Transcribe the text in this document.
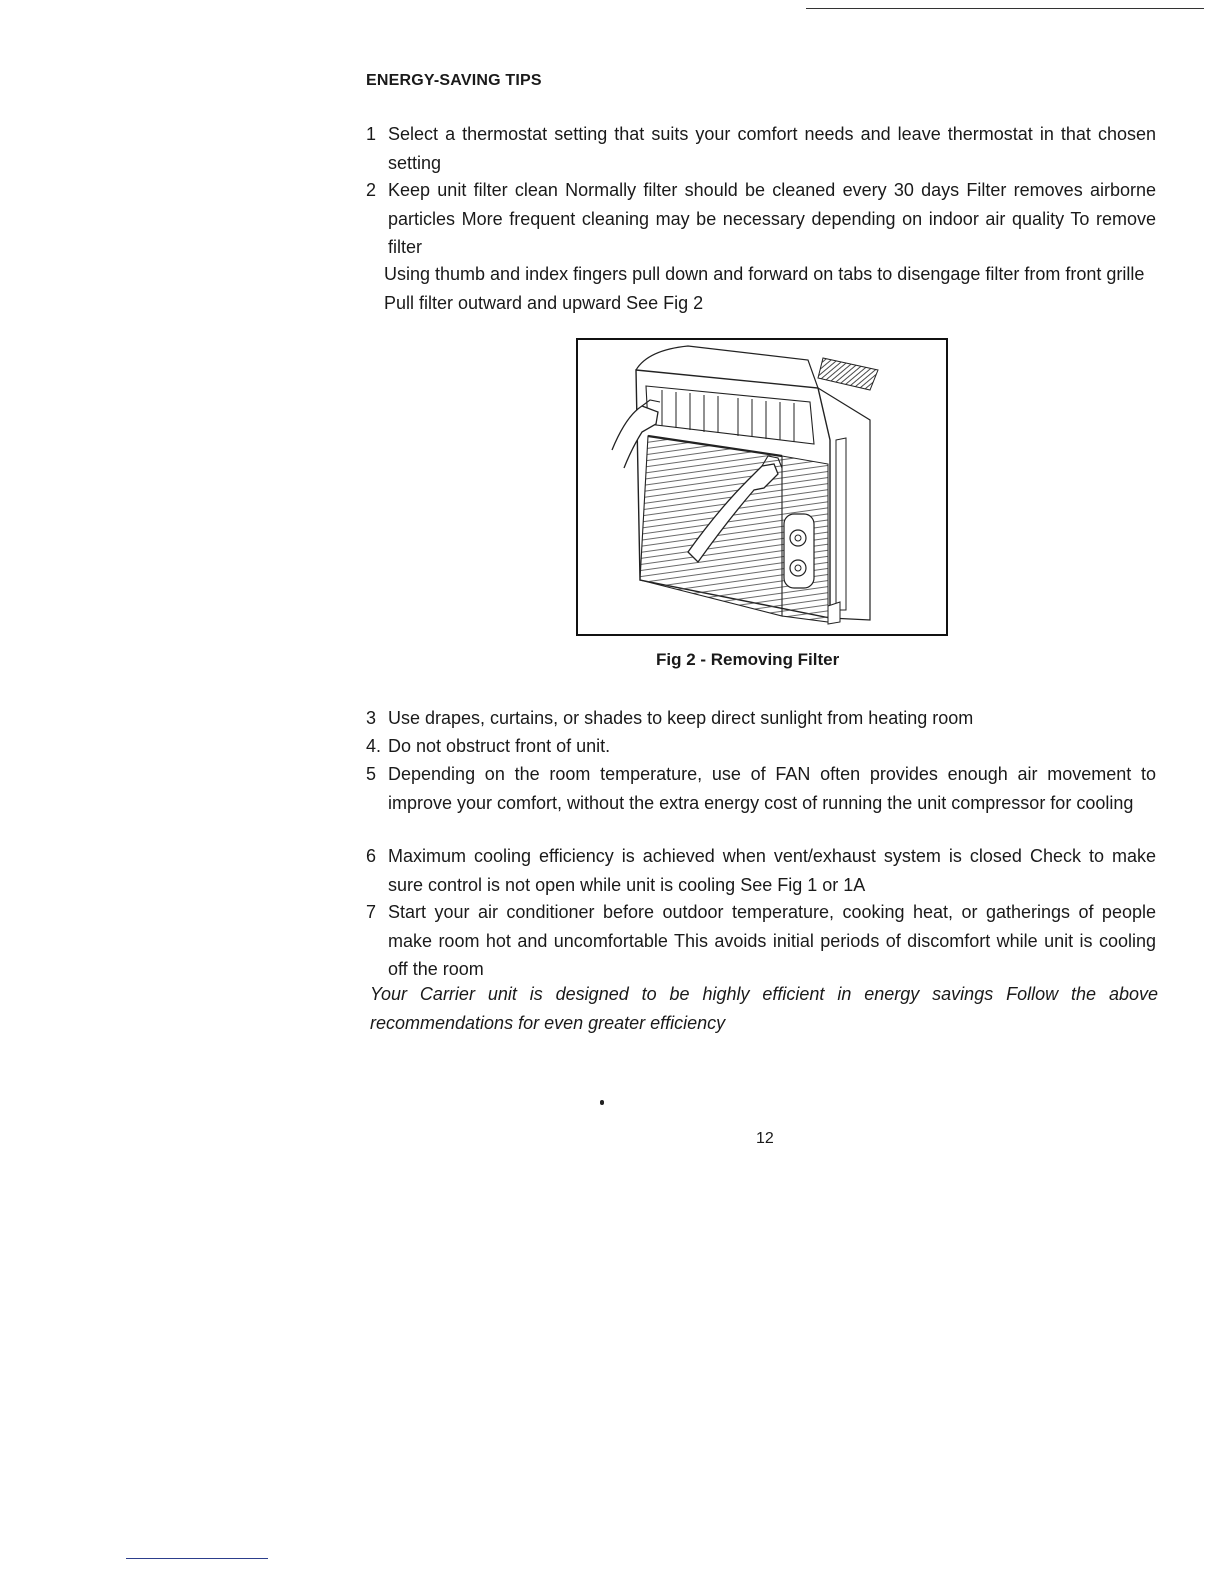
ENERGY-SAVING TIPS
1 Select a thermostat setting that suits your comfort needs and leave thermostat in that chosen setting
2 Keep unit filter clean Normally filter should be cleaned every 30 days Filter removes airborne particles More frequent cleaning may be necessary depending on indoor air quality To remove filter
Using thumb and index fingers pull down and forward on tabs to disengage filter from front grille Pull filter outward and upward See Fig 2
Fig 2 - Removing Filter
3 Use drapes, curtains, or shades to keep direct sunlight from heating room
4. Do not obstruct front of unit.
5 Depending on the room temperature, use of FAN often provides enough air movement to improve your comfort, without the extra energy cost of running the unit compressor for cooling
6 Maximum cooling efficiency is achieved when vent/exhaust system is closed Check to make sure control is not open while unit is cooling See Fig 1 or 1A
7 Start your air conditioner before outdoor temperature, cooking heat, or gatherings of people make room hot and uncomfortable This avoids initial periods of discomfort while unit is cooling off the room
Your Carrier unit is designed to be highly efficient in energy savings Follow the above recommendations for even greater efficiency
12
